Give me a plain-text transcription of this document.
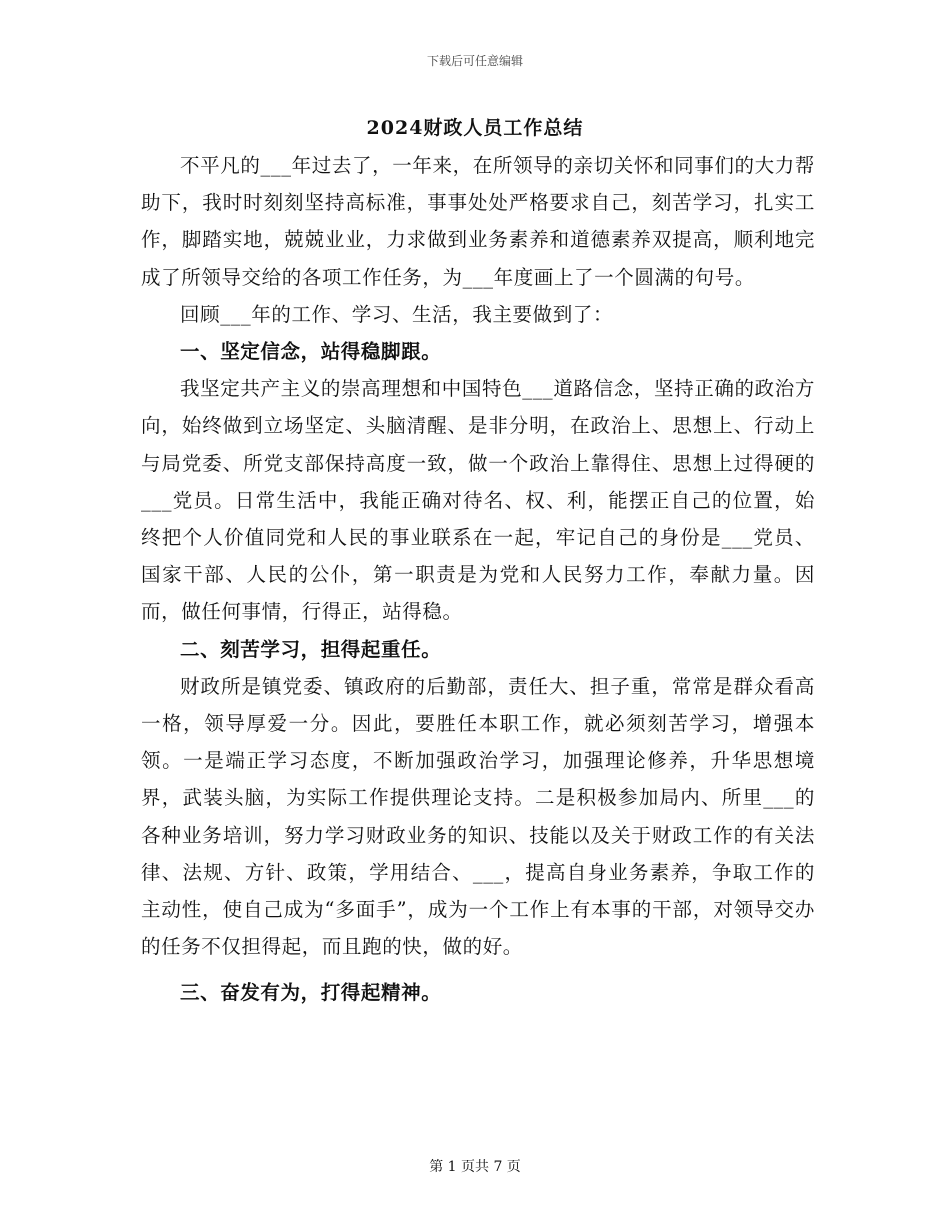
下载后可任意编辑
2024财政人员工作总结

不平凡的___年过去了，一年来，在所领导的亲切关怀和同事们的大力帮助下，我时时刻刻坚持高标准，事事处处严格要求自己，刻苦学习，扎实工作，脚踏实地，兢兢业业，力求做到业务素养和道德素养双提高，顺利地完成了所领导交给的各项工作任务，为___年度画上了一个圆满的句号。

回顾___年的工作、学习、生活，我主要做到了：

一、坚定信念，站得稳脚跟。

我坚定共产主义的崇高理想和中国特色___道路信念，坚持正确的政治方向，始终做到立场坚定、头脑清醒、是非分明，在政治上、思想上、行动上与局党委、所党支部保持高度一致，做一个政治上靠得住、思想上过得硬的___党员。日常生活中，我能正确对待名、权、利，能摆正自己的位置，始终把个人价值同党和人民的事业联系在一起，牢记自己的身份是___党员、国家干部、人民的公仆，第一职责是为党和人民努力工作，奉献力量。因而，做任何事情，行得正，站得稳。

二、刻苦学习，担得起重任。

财政所是镇党委、镇政府的后勤部，责任大、担子重，常常是群众看高一格，领导厚爱一分。因此，要胜任本职工作，就必须刻苦学习，增强本领。一是端正学习态度，不断加强政治学习，加强理论修养，升华思想境界，武装头脑，为实际工作提供理论支持。二是积极参加局内、所里___的各种业务培训，努力学习财政业务的知识、技能以及关于财政工作的有关法律、法规、方针、政策，学用结合、___，提高自身业务素养，争取工作的主动性，使自己成为“多面手”，成为一个工作上有本事的干部，对领导交办的任务不仅担得起，而且跑的快，做的好。

三、奋发有为，打得起精神。

第 1 页共 7 页
